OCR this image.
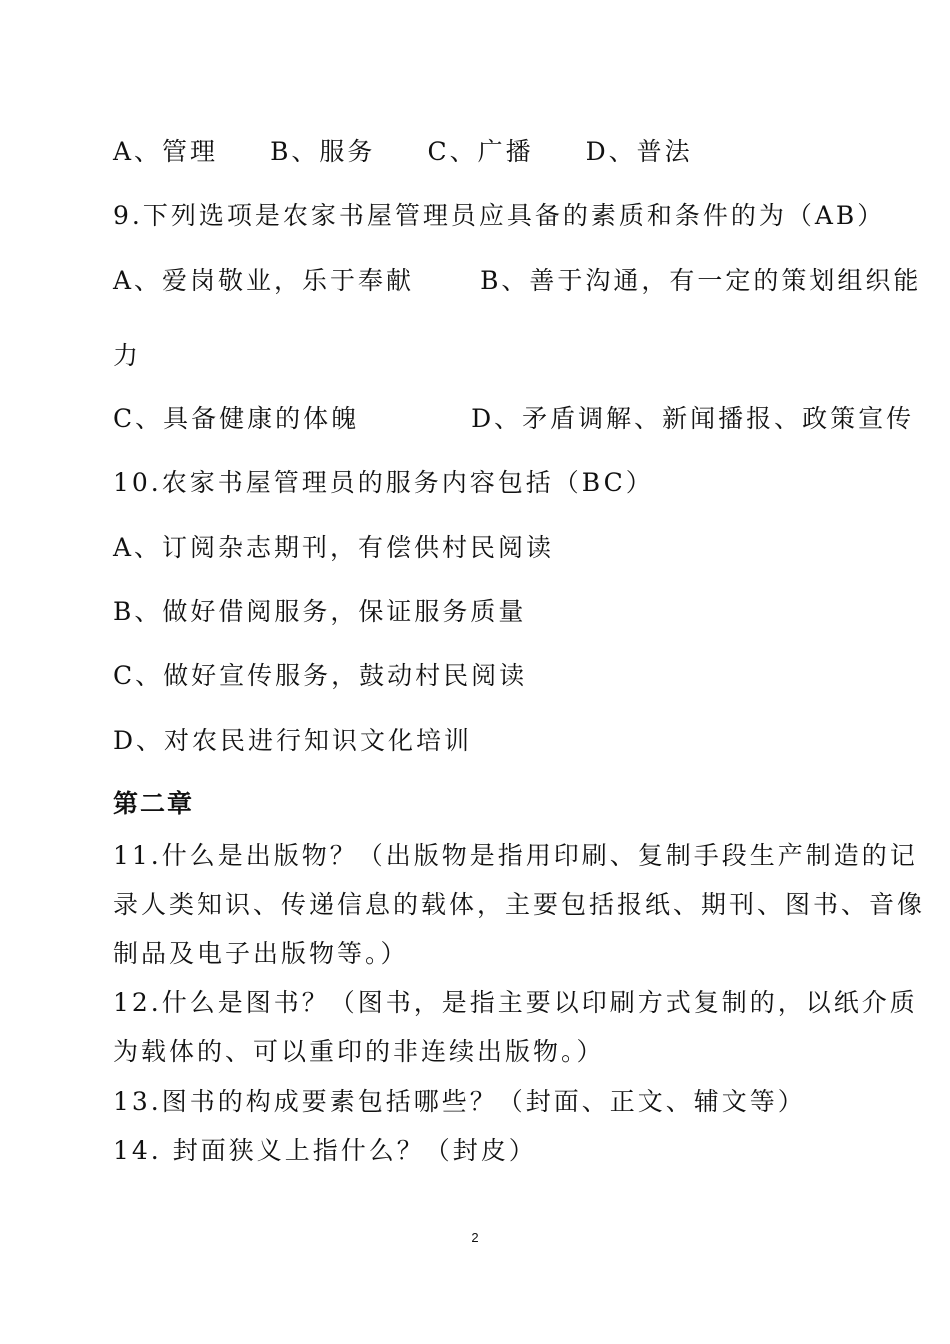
A、管理 B、服务 C、广播 D、普法
9.下列选项是农家书屋管理员应具备的素质和条件的为（AB）
A、爱岗敬业，乐于奉献	B、善于沟通，有一定的策划组织能
力
C、具备健康的体魄	D、矛盾调解、新闻播报、政策宣传
10.农家书屋管理员的服务内容包括（BC）
A、订阅杂志期刊，有偿供村民阅读
B、做好借阅服务，保证服务质量
C、做好宣传服务，鼓动村民阅读
D、对农民进行知识文化培训
第二章
11.什么是出版物？（出版物是指用印刷、复制手段生产制造的记
录人类知识、传递信息的载体，主要包括报纸、期刊、图书、音像
制品及电子出版物等。）
12.什么是图书？（图书，是指主要以印刷方式复制的，以纸介质
为载体的、可以重印的非连续出版物。）
13.图书的构成要素包括哪些？（封面、正文、辅文等）
14. 封面狭义上指什么？（封皮）
2
